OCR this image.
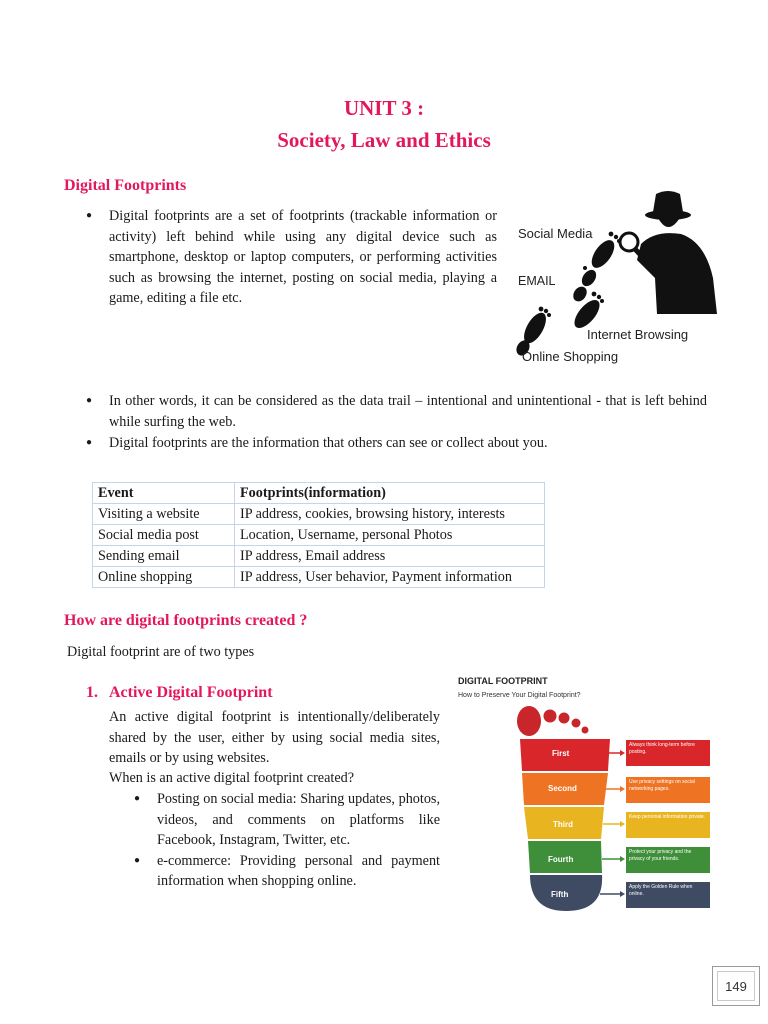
UNIT 3 :
Society, Law and Ethics
Digital Footprints
● Digital footprints are a set of footprints (trackable information or activity) left behind while using any digital device such as smartphone, desktop or laptop computers, or performing activities such as browsing the internet, posting on social media, playing a game, editing a file etc.
Social Media
EMAIL
Internet Browsing
Online Shopping
● In other words, it can be considered as the data trail – intentional and unintentional - that is left behind while surfing the web.
● Digital footprints are the information that others can see or collect about you.
Event	Footprints(information)
Visiting a website	IP address, cookies, browsing history, interests
Social media post	Location, Username, personal Photos
Sending email	IP address, Email address
Online shopping	IP address, User behavior, Payment information
How are digital footprints created ?
Digital footprint are of two types
1. Active Digital Footprint
An active digital footprint is intentionally/deliberately shared by the user, either by using social media sites, emails or by using websites.
When is an active digital footprint created?
● Posting on social media: Sharing updates, photos, videos, and comments on platforms like Facebook, Instagram, Twitter, etc.
● e-commerce: Providing personal and payment information when shopping online.
DIGITAL FOOTPRINT
How to Preserve Your Digital Footprint?
First
Second
Third
Fourth
Fifth
Always think long-term before posting.
Use privacy settings on social networking pages.
Keep personal information private.
Protect your privacy and the privacy of your friends.
Apply the Golden Rule when online.
149
